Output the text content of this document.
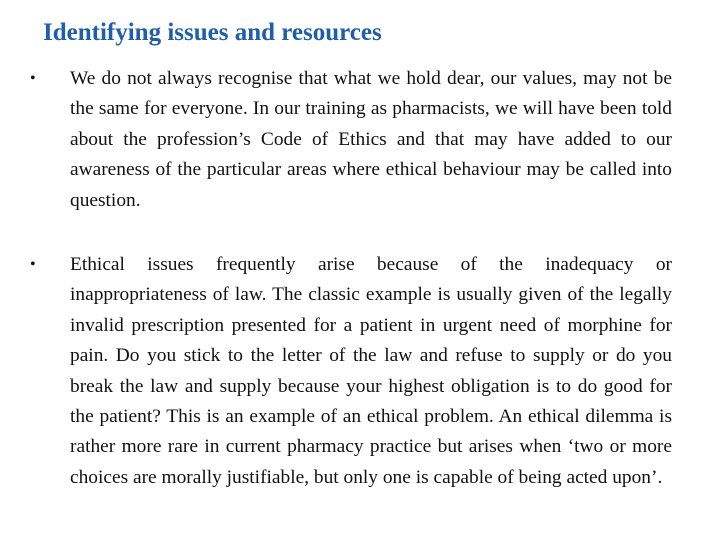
Identifying issues and resources
• We do not always recognise that what we hold dear, our values, may not be the same for everyone. In our training as pharmacists, we will have been told about the profession’s Code of Ethics and that may have added to our awareness of the particular areas where ethical behaviour may be called into question.
• Ethical issues frequently arise because of the inadequacy or inappropriateness of law. The classic example is usually given of the legally invalid prescription presented for a patient in urgent need of morphine for pain. Do you stick to the letter of the law and refuse to supply or do you break the law and supply because your highest obligation is to do good for the patient? This is an example of an ethical problem. An ethical dilemma is rather more rare in current pharmacy practice but arises when ‘two or more choices are morally justifiable, but only one is capable of being acted upon’.
